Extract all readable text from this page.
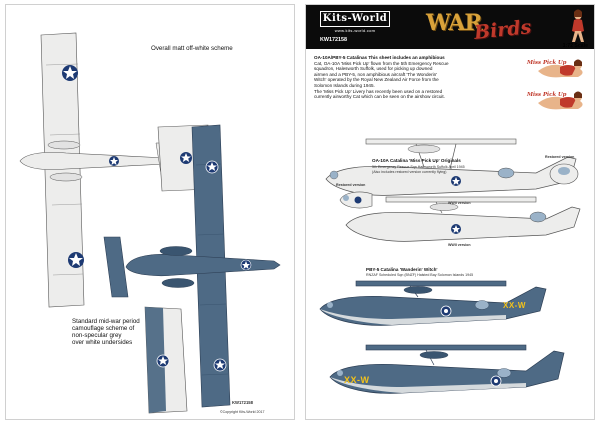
Overall matt off-white scheme
Standard mid-war period
camouflage scheme of
non-specular grey
over white undersides
KW172158
©Copyright Kits-World 2017
Kits-World
www.kits-world.com
KW172158
WAR
Birds
1:72 Scale
OA-10A/PBY-5 Catalinas This sheet includes an amphibious
Cat, OA-10A 'Miss Pick Up' flown from the 5th Emergency Rescue
squadron, Halesworth Suffolk, used for picking up downed
airmen and a PBY-5, non amphibious aircraft 'The Wonderin'
Witch' operated by the Royal New Zealand Air Force from the
Solomon Islands during 1945.
The 'Miss Pick Up' Livery has recently been used on a restored
currently airworthy Cat which can be seen on the airshow circuit.
Miss Pick Up
Miss Pick Up
OA-10A Catalina 'Miss Pick Up' Originals
5th Emergency Rescue Sqn Halesworth Suffolk April 1945
(Also includes restored version currently flying)
Restored version
Restored version
WWII version
WWII version
PBY-5 Catalina 'Wanderin' Witch'
RNZAF Scheduled Sqn (BNZF) Halsted Bay Solomon Islands 1945
XX-W
XX-W
